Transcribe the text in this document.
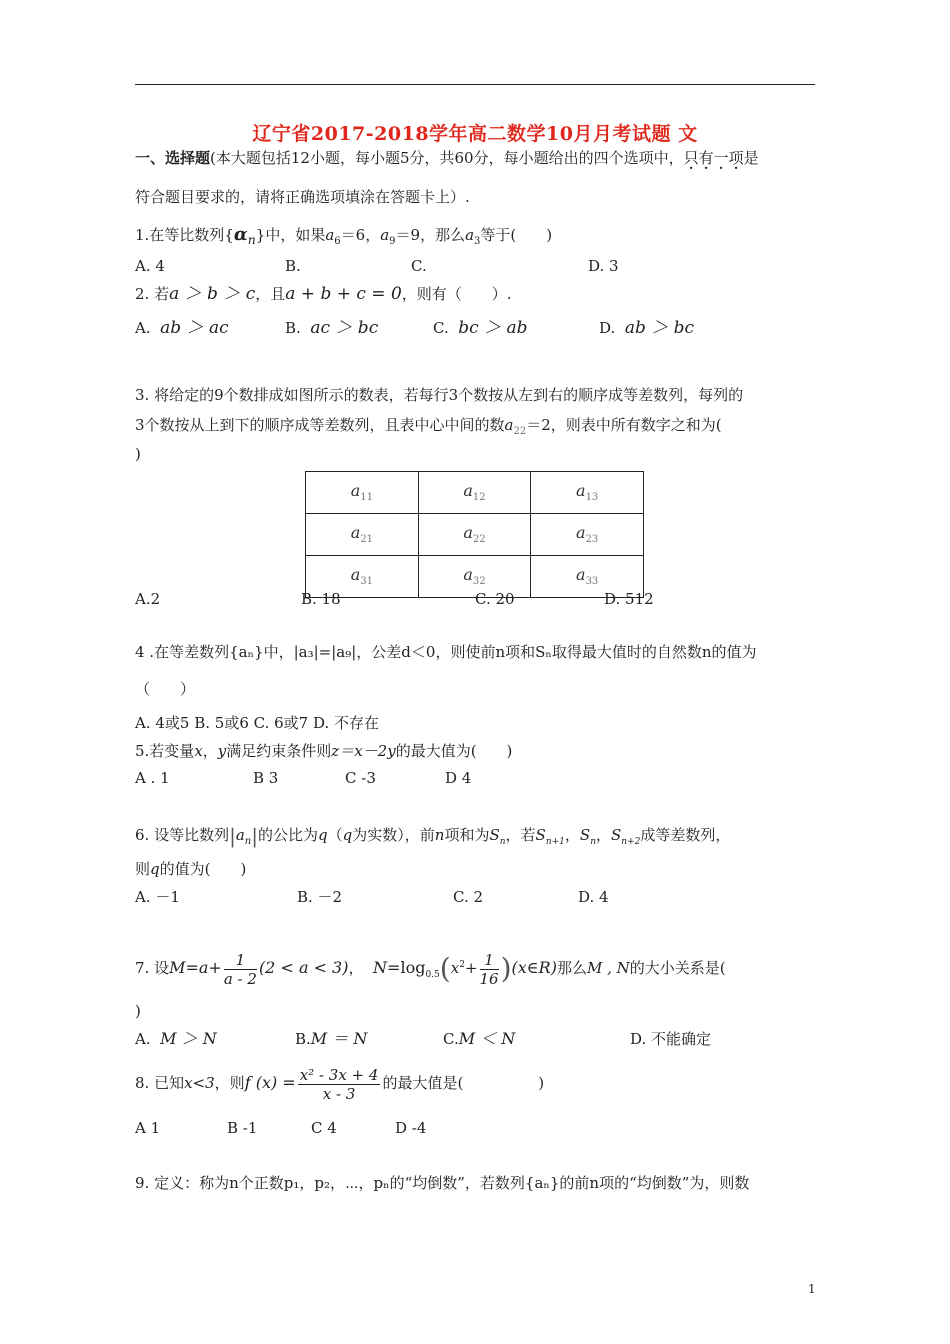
辽宁省2017-2018学年高二数学10月月考试题 文
一、选择题(本大题包括12小题，每小题5分，共60分，每小题给出的四个选项中，只有一项是
符合题目要求的，请将正确选项填涂在答题卡上）.
1.在等比数列$\{\alpha_n\}$中，如果$a_6=6$，$a_9=9$，那么$a_3$等于(　　)
A. 4	B.	C.	D. 3
2. 若a ＞ b ＞ c，且a + b + c = 0，则有（　　）.
A. ab ＞ ac	B. ac ＞ bc	C. bc ＞ ab	D. ab ＞ bc
3. 将给定的9个数排成如图所示的数表，若每行3个数按从左到右的顺序成等差数列，每列的
3个数按从上到下的顺序成等差数列，且表中心中间的数$a_{22}=2$，则表中所有数字之和为(
)
$a_{11}$	$a_{12}$	$a_{13}$
$a_{21}$	$a_{22}$	$a_{23}$
$a_{31}$	$a_{32}$	$a_{33}$
A.2	B. 18	C. 20	D. 512
4 .在等差数列{aₙ}中，|a₃|=|a₉|，公差d＜0，则使前n项和Sₙ取得最大值时的自然数n的值为
（　　）
A. 4或5 B. 5或6 C. 6或7 D. 不存在
5.若变量x，y满足约束条件则z＝x－2y的最大值为(　　)
A . 1	B 3	C -3	D 4
6. 设等比数列$|a_n|$的公比为q（q为实数），前n项和为$S_n$，若$S_{n+1}$，$S_n$，$S_{n+2}$成等差数列，
则q的值为(　　)
A. －1	B. －2	C. 2	D. 4
7. 设$M=a+ \frac{1}{a - 2} (2 < a < 3)$， $N=\log_{0.5}(x^2+ \frac{1}{16}$ )(x∈R)那么M , N的大小关系是(
)
A. M ＞ N	B.M ＝ N	C.M ＜ N	D. 不能确定
8. 已知x<3，则f $(x) = \frac{\text{x² - 3x + 4}}{x - 3}$ 的最大值是(　　　　　)
A 1	B -1	C 4	D -4
9. 定义：称为n个正数p₁，p₂，⋯，pₙ的“均倒数”，若数列{aₙ}的前n项的“均倒数”为，则数
1
